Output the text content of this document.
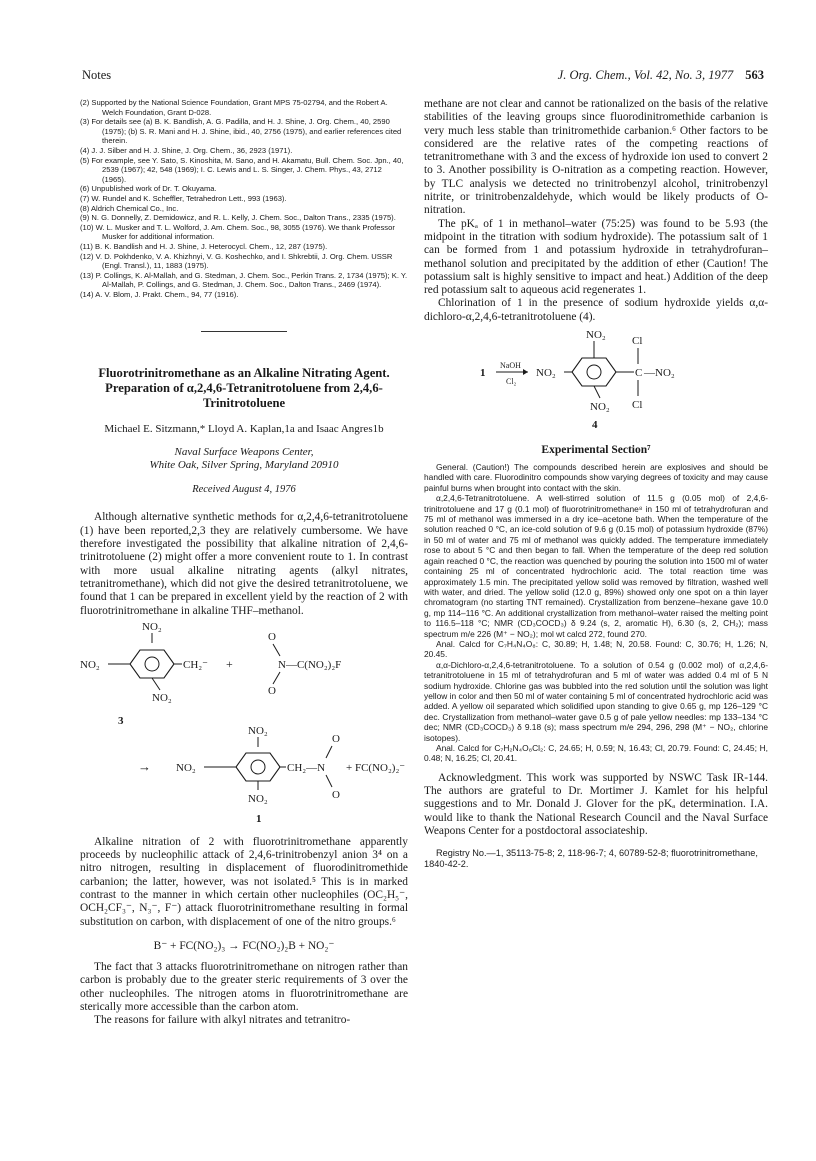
Notes	J. Org. Chem., Vol. 42, No. 3, 1977 563
(2) Supported by the National Science Foundation, Grant MPS 75-02794, and the Robert A. Welch Foundation, Grant D-028.
(3) For details see (a) B. K. Bandlish, A. G. Padilla, and H. J. Shine, J. Org. Chem., 40, 2590 (1975); (b) S. R. Mani and H. J. Shine, ibid., 40, 2756 (1975), and earlier references cited therein.
(4) J. J. Silber and H. J. Shine, J. Org. Chem., 36, 2923 (1971).
(5) For example, see Y. Sato, S. Kinoshita, M. Sano, and H. Akamatu, Bull. Chem. Soc. Jpn., 40, 2539 (1967); 42, 548 (1969); I. C. Lewis and L. S. Singer, J. Chem. Phys., 43, 2712 (1965).
(6) Unpublished work of Dr. T. Okuyama.
(7) W. Rundel and K. Scheffler, Tetrahedron Lett., 993 (1963).
(8) Aldrich Chemical Co., Inc.
(9) N. G. Donnelly, Z. Demidowicz, and R. L. Kelly, J. Chem. Soc., Dalton Trans., 2335 (1975).
(10) W. L. Musker and T. L. Wolford, J. Am. Chem. Soc., 98, 3055 (1976). We thank Professor Musker for additional information.
(11) B. K. Bandlish and H. J. Shine, J. Heterocycl. Chem., 12, 287 (1975).
(12) V. D. Pokhdenko, V. A. Khizhnyi, V. G. Koshechko, and I. Shkrebtii, J. Org. Chem. USSR (Engl. Transl.), 11, 1883 (1975).
(13) P. Collings, K. Al-Mallah, and G. Stedman, J. Chem. Soc., Perkin Trans. 2, 1734 (1975); K. Y. Al-Mallah, P. Collings, and G. Stedman, J. Chem. Soc., Dalton Trans., 2469 (1974).
(14) A. V. Blom, J. Prakt. Chem., 94, 77 (1916).
Fluorotrinitromethane as an Alkaline Nitrating Agent. Preparation of α,2,4,6-Tetranitrotoluene from 2,4,6-Trinitrotoluene
Michael E. Sitzmann,* Lloyd A. Kaplan,1a and Isaac Angres1b
Naval Surface Weapons Center,
White Oak, Silver Spring, Maryland 20910
Received August 4, 1976

Although alternative synthetic methods for α,2,4,6-tetranitrotoluene (1) have been reported,2,3 they are relatively cumbersome. We have therefore investigated the possibility that alkaline nitration of 2,4,6-trinitrotoluene (2) might offer a more convenient route to 1. In contrast with more usual alkaline nitrating agents (alkyl nitrates, tetranitromethane), which did not give the desired tetranitrotoluene, we found that 1 can be prepared in excellent yield by the reaction of 2 with fluorotrinitromethane in alkaline THF–methanol.

NO₂
NO₂	CH₂⁻
NO₂
+
O
N—C(NO₂)₂F
O
3
NO₂
→ NO₂	CH₂—N
O
O
+ FC(NO₂)₂⁻
NO₂
1

Alkaline nitration of 2 with fluorotrinitromethane apparently proceeds by nucleophilic attack of 2,4,6-trinitrobenzyl anion 3⁴ on a nitro nitrogen, resulting in displacement of fluorodinitromethide carbanion; the latter, however, was not isolated.⁵ This is in marked contrast to the manner in which certain other nucleophiles (OC₂H₅⁻, OCH₂CF₃⁻, N₃⁻, F⁻) attack fluorotrinitromethane resulting in formal substitution on carbon, with displacement of one of the nitro groups.⁶

B⁻ + FC(NO₂)₃ → FC(NO₂)₂B + NO₂⁻

The fact that 3 attacks fluorotrinitromethane on nitrogen rather than carbon is probably due to the greater steric requirements of 3 over the other nucleophiles. The nitrogen atoms in fluorotrinitromethane are sterically more accessible than the carbon atom.

The reasons for failure with alkyl nitrates and tetranitro-

methane are not clear and cannot be rationalized on the basis of the relative stabilities of the leaving groups since fluorodinitromethide carbanion is very much less stable than trinitromethide carbanion.⁶ Other factors to be considered are the relative rates of the competing reactions of tetranitromethane with 3 and the excess of hydroxide ion used to convert 2 to 3. Another possibility is O-nitration as a competing reaction. However, by TLC analysis we detected no trinitrobenzyl alcohol, trinitrobenzyl nitrite, or trinitrobenzaldehyde, which would be likely products of O-nitration.

The pKₐ of 1 in methanol–water (75:25) was found to be 5.93 (the midpoint in the titration with sodium hydroxide). The potassium salt of 1 can be formed from 1 and potassium hydroxide in tetrahydrofuran–methanol solution and precipitated by the addition of ether (Caution! The potassium salt is highly sensitive to impact and heat.) Addition of the deep red potassium salt to aqueous acid regenerates 1.

Chlorination of 1 in the presence of sodium hydroxide yields α,α-dichloro-α,2,4,6-tetranitrotoluene (4).

1
NaOH
Cl₂
NO₂
NO₂
C —NO₂
Cl
Cl
NO₂
4
Experimental Section⁷

General. (Caution!) The compounds described herein are explosives and should be handled with care. Fluorodinitro compounds show varying degrees of toxicity and may cause painful burns when brought into contact with the skin.

α,2,4,6-Tetranitrotoluene. A well-stirred solution of 11.5 g (0.05 mol) of 2,4,6-trinitrotoluene and 17 g (0.1 mol) of fluorotrinitromethane⁸ in 150 ml of tetrahydrofuran and 75 ml of methanol was immersed in a dry ice–acetone bath. When the temperature of the solution reached 0 °C, an ice-cold solution of 9.6 g (0.15 mol) of potassium hydroxide (87%) in 50 ml of water and 75 ml of methanol was quickly added. The temperature immediately rose to about 5 °C and then began to fall. When the temperature of the deep red solution again reached 0 °C, the reaction was quenched by pouring the solution into 1500 ml of water containing 25 ml of concentrated hydrochloric acid. The total reaction time was approximately 1.5 min. The precipitated yellow solid was removed by filtration, washed well with water, and dried. The yellow solid (12.0 g, 89%) showed only one spot on a thin layer chromatogram (no starting TNT remained). Crystallization from benzene–hexane gave 10.0 g, mp 114–116 °C. An additional crystallization from methanol–water raised the melting point to 116.5–118 °C; NMR (CD₃COCD₃) δ 9.24 (s, 2, aromatic H), 6.30 (s, 2, CH₂); mass spectrum m/e 226 (M⁺ − NO₂); mol wt calcd 272, found 270.

Anal. Calcd for C₇H₄N₄O₈: C, 30.89; H, 1.48; N, 20.58. Found: C, 30.76; H, 1.26; N, 20.45.

α,α-Dichloro-α,2,4,6-tetranitrotoluene. To a solution of 0.54 g (0.002 mol) of α,2,4,6-tetranitrotoluene in 15 ml of tetrahydrofuran and 5 ml of water was added 0.4 ml of 5 N sodium hydroxide. Chlorine gas was bubbled into the red solution until the solution was light yellow in color and then 50 ml of water containing 5 ml of concentrated hydrochloric acid was added. A yellow oil separated which solidified upon standing to give 0.65 g, mp 126–129 °C dec. Crystallization from methanol–water gave 0.5 g of pale yellow needles: mp 133–134 °C dec; NMR (CD₃COCD₃) δ 9.18 (s); mass spectrum m/e 294, 296, 298 (M⁺ − NO₂, chlorine isotopes).

Anal. Calcd for C₇H₂N₄O₈Cl₂: C, 24.65; H, 0.59; N, 16.43; Cl, 20.79. Found: C, 24.45; H, 0.48; N, 16.25; Cl, 20.41.

Acknowledgment. This work was supported by NSWC Task IR-144. The authors are grateful to Dr. Mortimer J. Kamlet for his helpful suggestions and to Mr. Donald J. Glover for the pKₐ determination. I.A. would like to thank the National Research Council and the Naval Surface Weapons Center for a postdoctoral associateship.

Registry No.—1, 35113-75-8; 2, 118-96-7; 4, 60789-52-8; fluorotrinitromethane, 1840-42-2.
